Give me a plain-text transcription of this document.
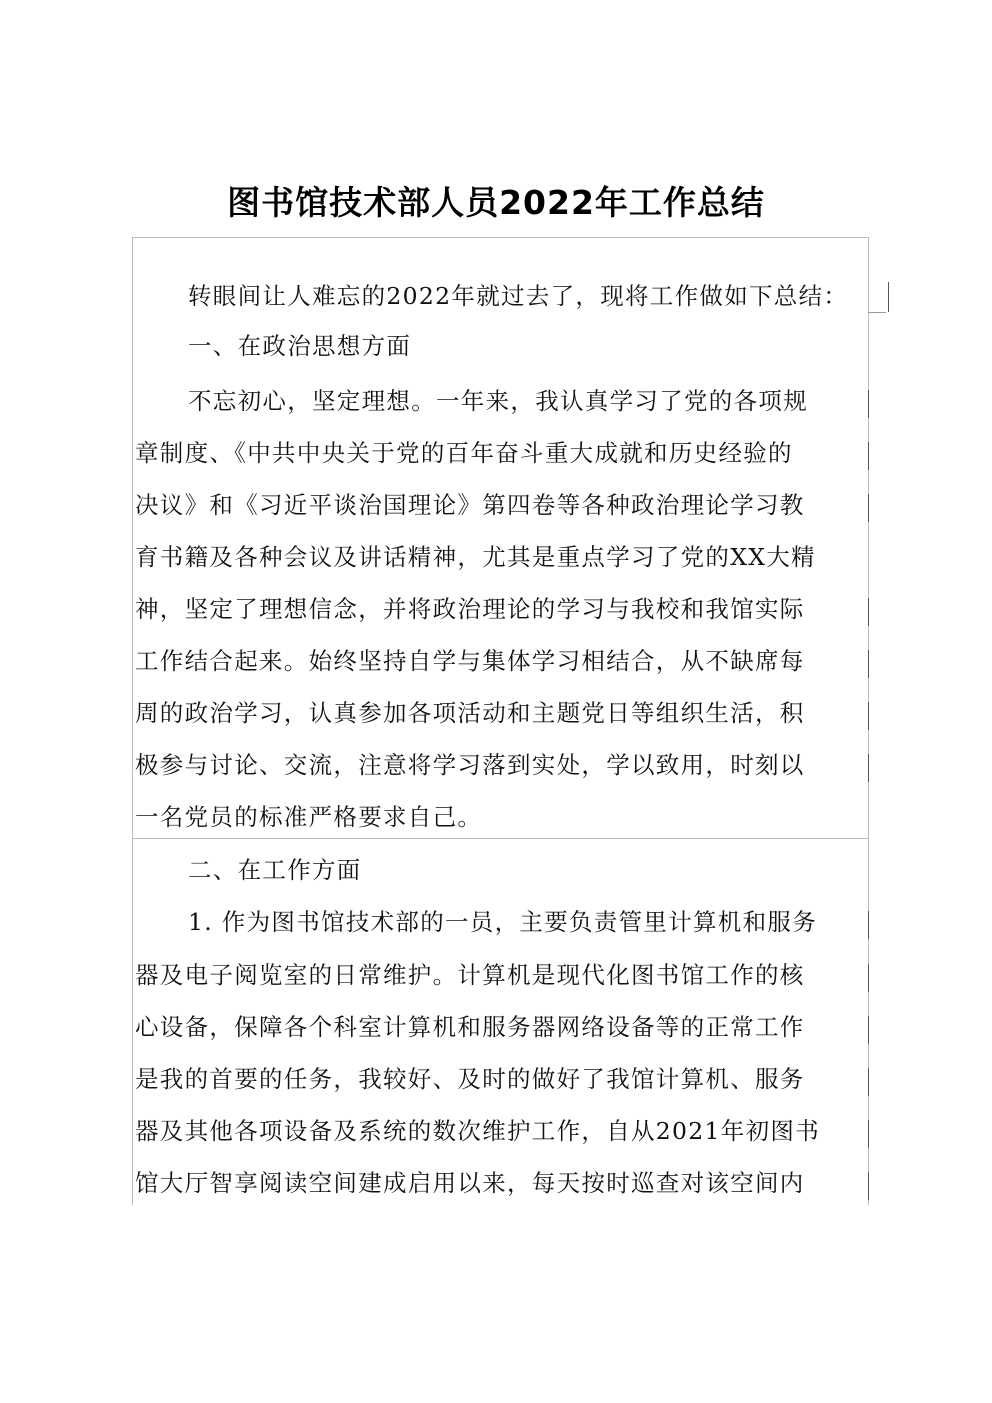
图书馆技术部人员2022年工作总结
转眼间让人难忘的2022年就过去了，现将工作做如下总结：
一、在政治思想方面
不忘初心，坚定理想。一年来，我认真学习了党的各项规
章制度、《中共中央关于党的百年奋斗重大成就和历史经验的
决议》和《习近平谈治国理论》第四卷等各种政治理论学习教
育书籍及各种会议及讲话精神，尤其是重点学习了党的XX大精
神，坚定了理想信念，并将政治理论的学习与我校和我馆实际
工作结合起来。始终坚持自学与集体学习相结合，从不缺席每
周的政治学习，认真参加各项活动和主题党日等组织生活，积
极参与讨论、交流，注意将学习落到实处，学以致用，时刻以
一名党员的标准严格要求自己。
二、在工作方面
1. 作为图书馆技术部的一员，主要负责管里计算机和服务
器及电子阅览室的日常维护。计算机是现代化图书馆工作的核
心设备，保障各个科室计算机和服务器网络设备等的正常工作
是我的首要的任务，我较好、及时的做好了我馆计算机、服务
器及其他各项设备及系统的数次维护工作，自从2021年初图书
馆大厅智享阅读空间建成启用以来，每天按时巡查对该空间内
